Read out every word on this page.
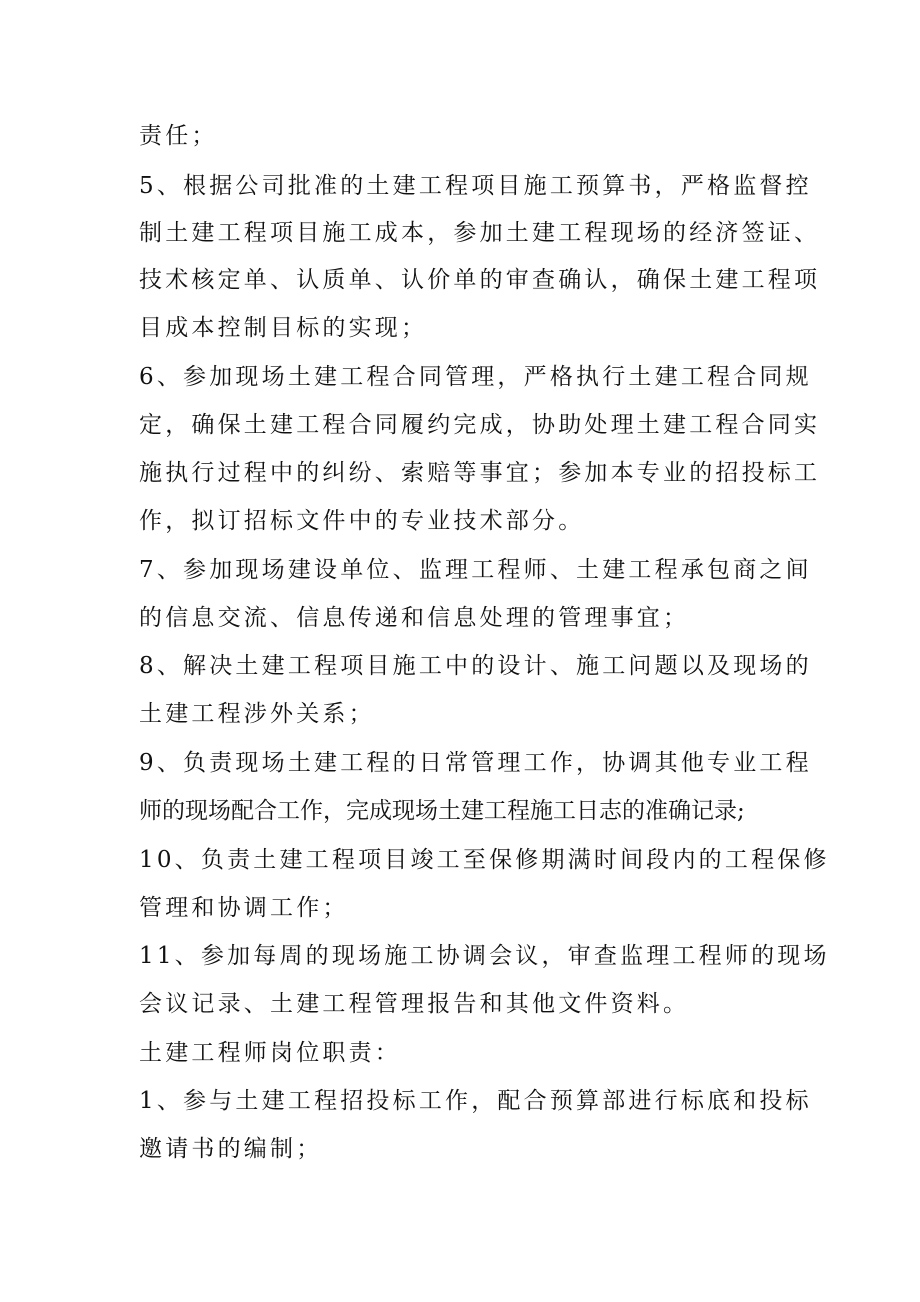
责任；
5、根据公司批准的土建工程项目施工预算书，严格监督控
制土建工程项目施工成本，参加土建工程现场的经济签证、
技术核定单、认质单、认价单的审查确认，确保土建工程项
目成本控制目标的实现；
6、参加现场土建工程合同管理，严格执行土建工程合同规
定，确保土建工程合同履约完成，协助处理土建工程合同实
施执行过程中的纠纷、索赔等事宜；参加本专业的招投标工
作，拟订招标文件中的专业技术部分。
7、参加现场建设单位、监理工程师、土建工程承包商之间
的信息交流、信息传递和信息处理的管理事宜；
8、解决土建工程项目施工中的设计、施工问题以及现场的
土建工程涉外关系；
9、负责现场土建工程的日常管理工作，协调其他专业工程
师的现场配合工作，完成现场土建工程施工日志的准确记录;
10、负责土建工程项目竣工至保修期满时间段内的工程保修
管理和协调工作；
11、参加每周的现场施工协调会议，审查监理工程师的现场
会议记录、土建工程管理报告和其他文件资料。
土建工程师岗位职责：
1、参与土建工程招投标工作，配合预算部进行标底和投标
邀请书的编制；
